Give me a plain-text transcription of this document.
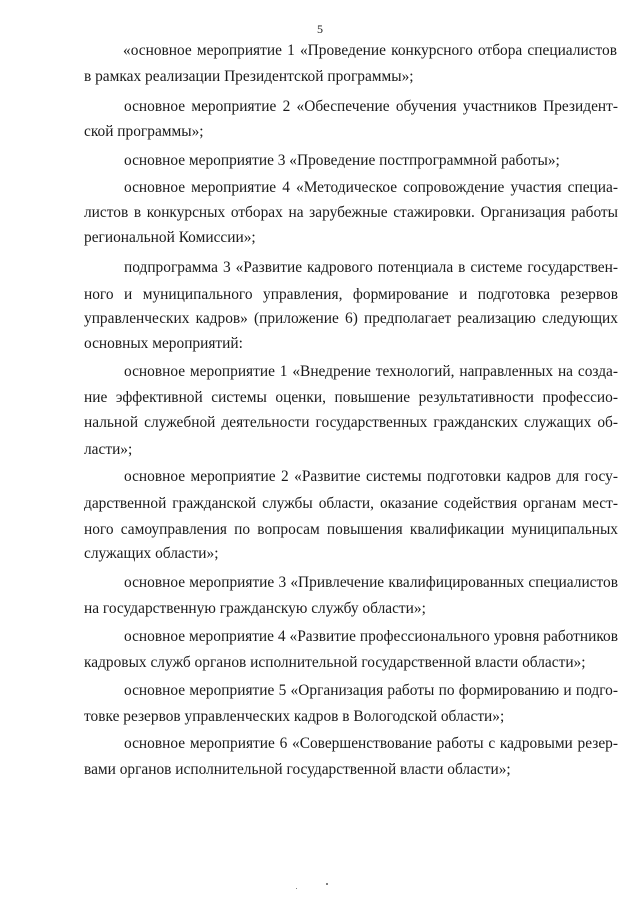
5
«основное мероприятие 1 «Проведение конкурсного отбора специалистов
в рамках реализации Президентской программы»;
основное мероприятие 2 «Обеспечение обучения участников Президент-
ской программы»;
основное мероприятие 3 «Проведение постпрограммной работы»;
основное мероприятие 4 «Методическое сопровождение участия специа-
листов в конкурсных отборах на зарубежные стажировки. Организация работы
региональной Комиссии»;
подпрограмма 3 «Развитие кадрового потенциала в системе государствен-
ного и муниципального управления, формирование и подготовка резервов
управленческих кадров» (приложение 6) предполагает реализацию следующих
основных мероприятий:
основное мероприятие 1 «Внедрение технологий, направленных на созда-
ние эффективной системы оценки, повышение результативности профессио-
нальной служебной деятельности государственных гражданских служащих об-
ласти»;
основное мероприятие 2 «Развитие системы подготовки кадров для госу-
дарственной гражданской службы области, оказание содействия органам мест-
ного самоуправления по вопросам повышения квалификации муниципальных
служащих области»;
основное мероприятие 3 «Привлечение квалифицированных специалистов
на государственную гражданскую службу области»;
основное мероприятие 4 «Развитие профессионального уровня работников
кадровых служб органов исполнительной государственной власти области»;
основное мероприятие 5 «Организация работы по формированию и подго-
товке резервов управленческих кадров в Вологодской области»;
основное мероприятие 6 «Совершенствование работы с кадровыми резер-
вами органов исполнительной государственной власти области»;
